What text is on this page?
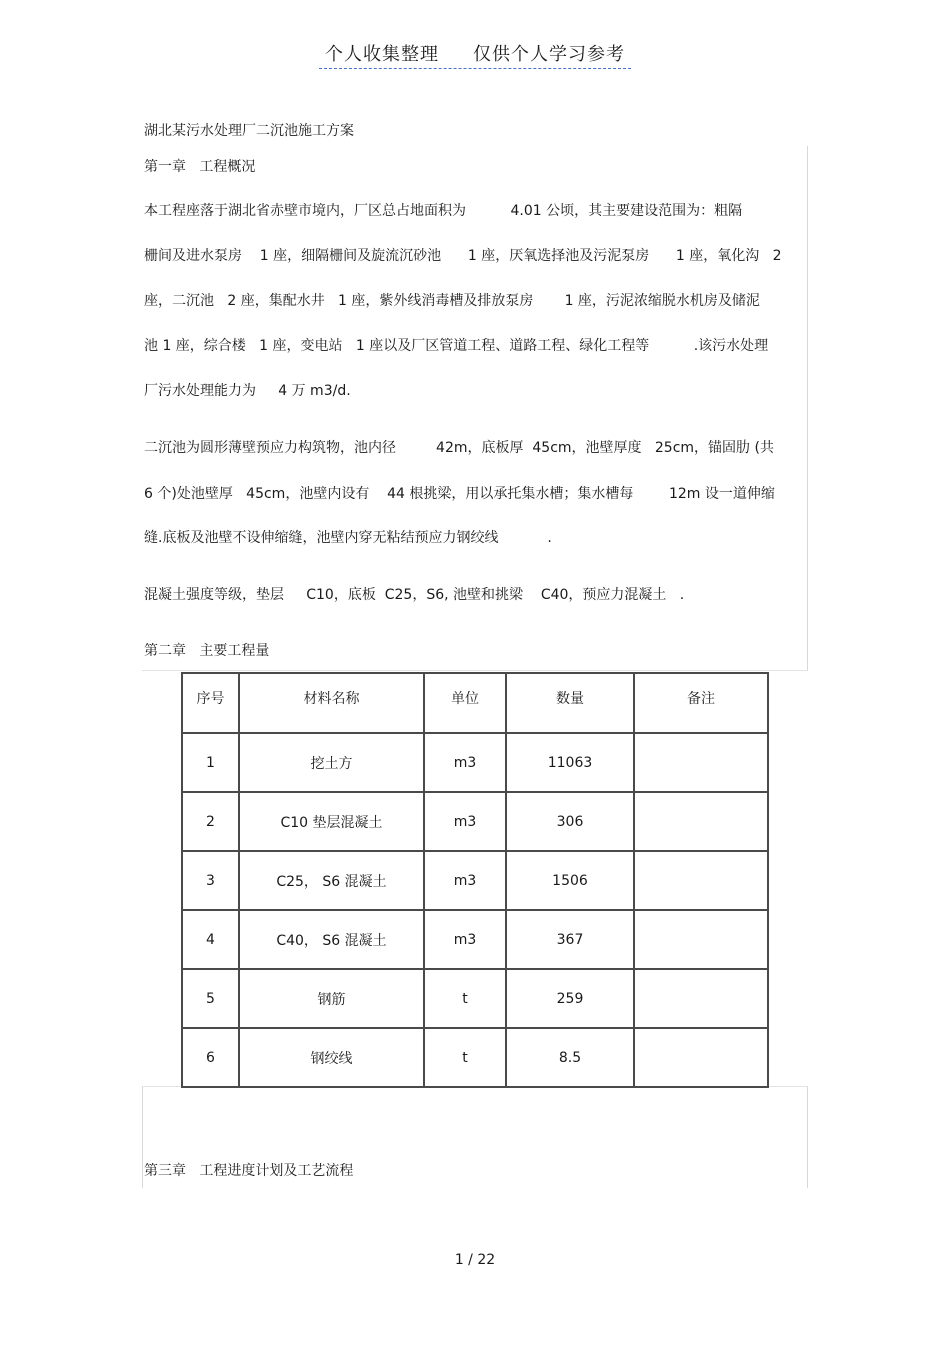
个人收集整理 仅供个人学习参考
湖北某污水处理厂二沉池施工方案
第一章   工程概况
本工程座落于湖北省赤壁市境内，厂区总占地面积为          4.01 公顷，其主要建设范围为：粗隔
栅间及进水泵房    1 座，细隔栅间及旋流沉砂池      1 座，厌氧选择池及污泥泵房      1 座，氧化沟   2
座，二沉池   2 座，集配水井   1 座，紫外线消毒槽及排放泵房       1 座，污泥浓缩脱水机房及储泥
池 1 座，综合楼   1 座，变电站   1 座以及厂区管道工程、道路工程、绿化工程等          .该污水处理
厂污水处理能力为     4 万 m3/d.
二沉池为圆形薄壁预应力构筑物，池内径         42m，底板厚  45cm，池壁厚度   25cm，锚固肋 (共
6 个)处池壁厚   45cm，池壁内设有    44 根挑梁，用以承托集水槽；集水槽每        12m 设一道伸缩
缝.底板及池壁不设伸缩缝，池壁内穿无粘结预应力钢绞线           .
混凝土强度等级，垫层     C10，底板  C25，S6, 池壁和挑梁    C40，预应力混凝土   .
第二章   主要工程量
序号	材料名称	单位	数量	备注
1	挖土方	m3	11063	
2	C10 垫层混凝土	m3	306	
3	C25， S6 混凝土	m3	1506	
4	C40， S6 混凝土	m3	367	
5	钢筋	t	259	
6	钢绞线	t	8.5	
第三章   工程进度计划及工艺流程
1 / 22
